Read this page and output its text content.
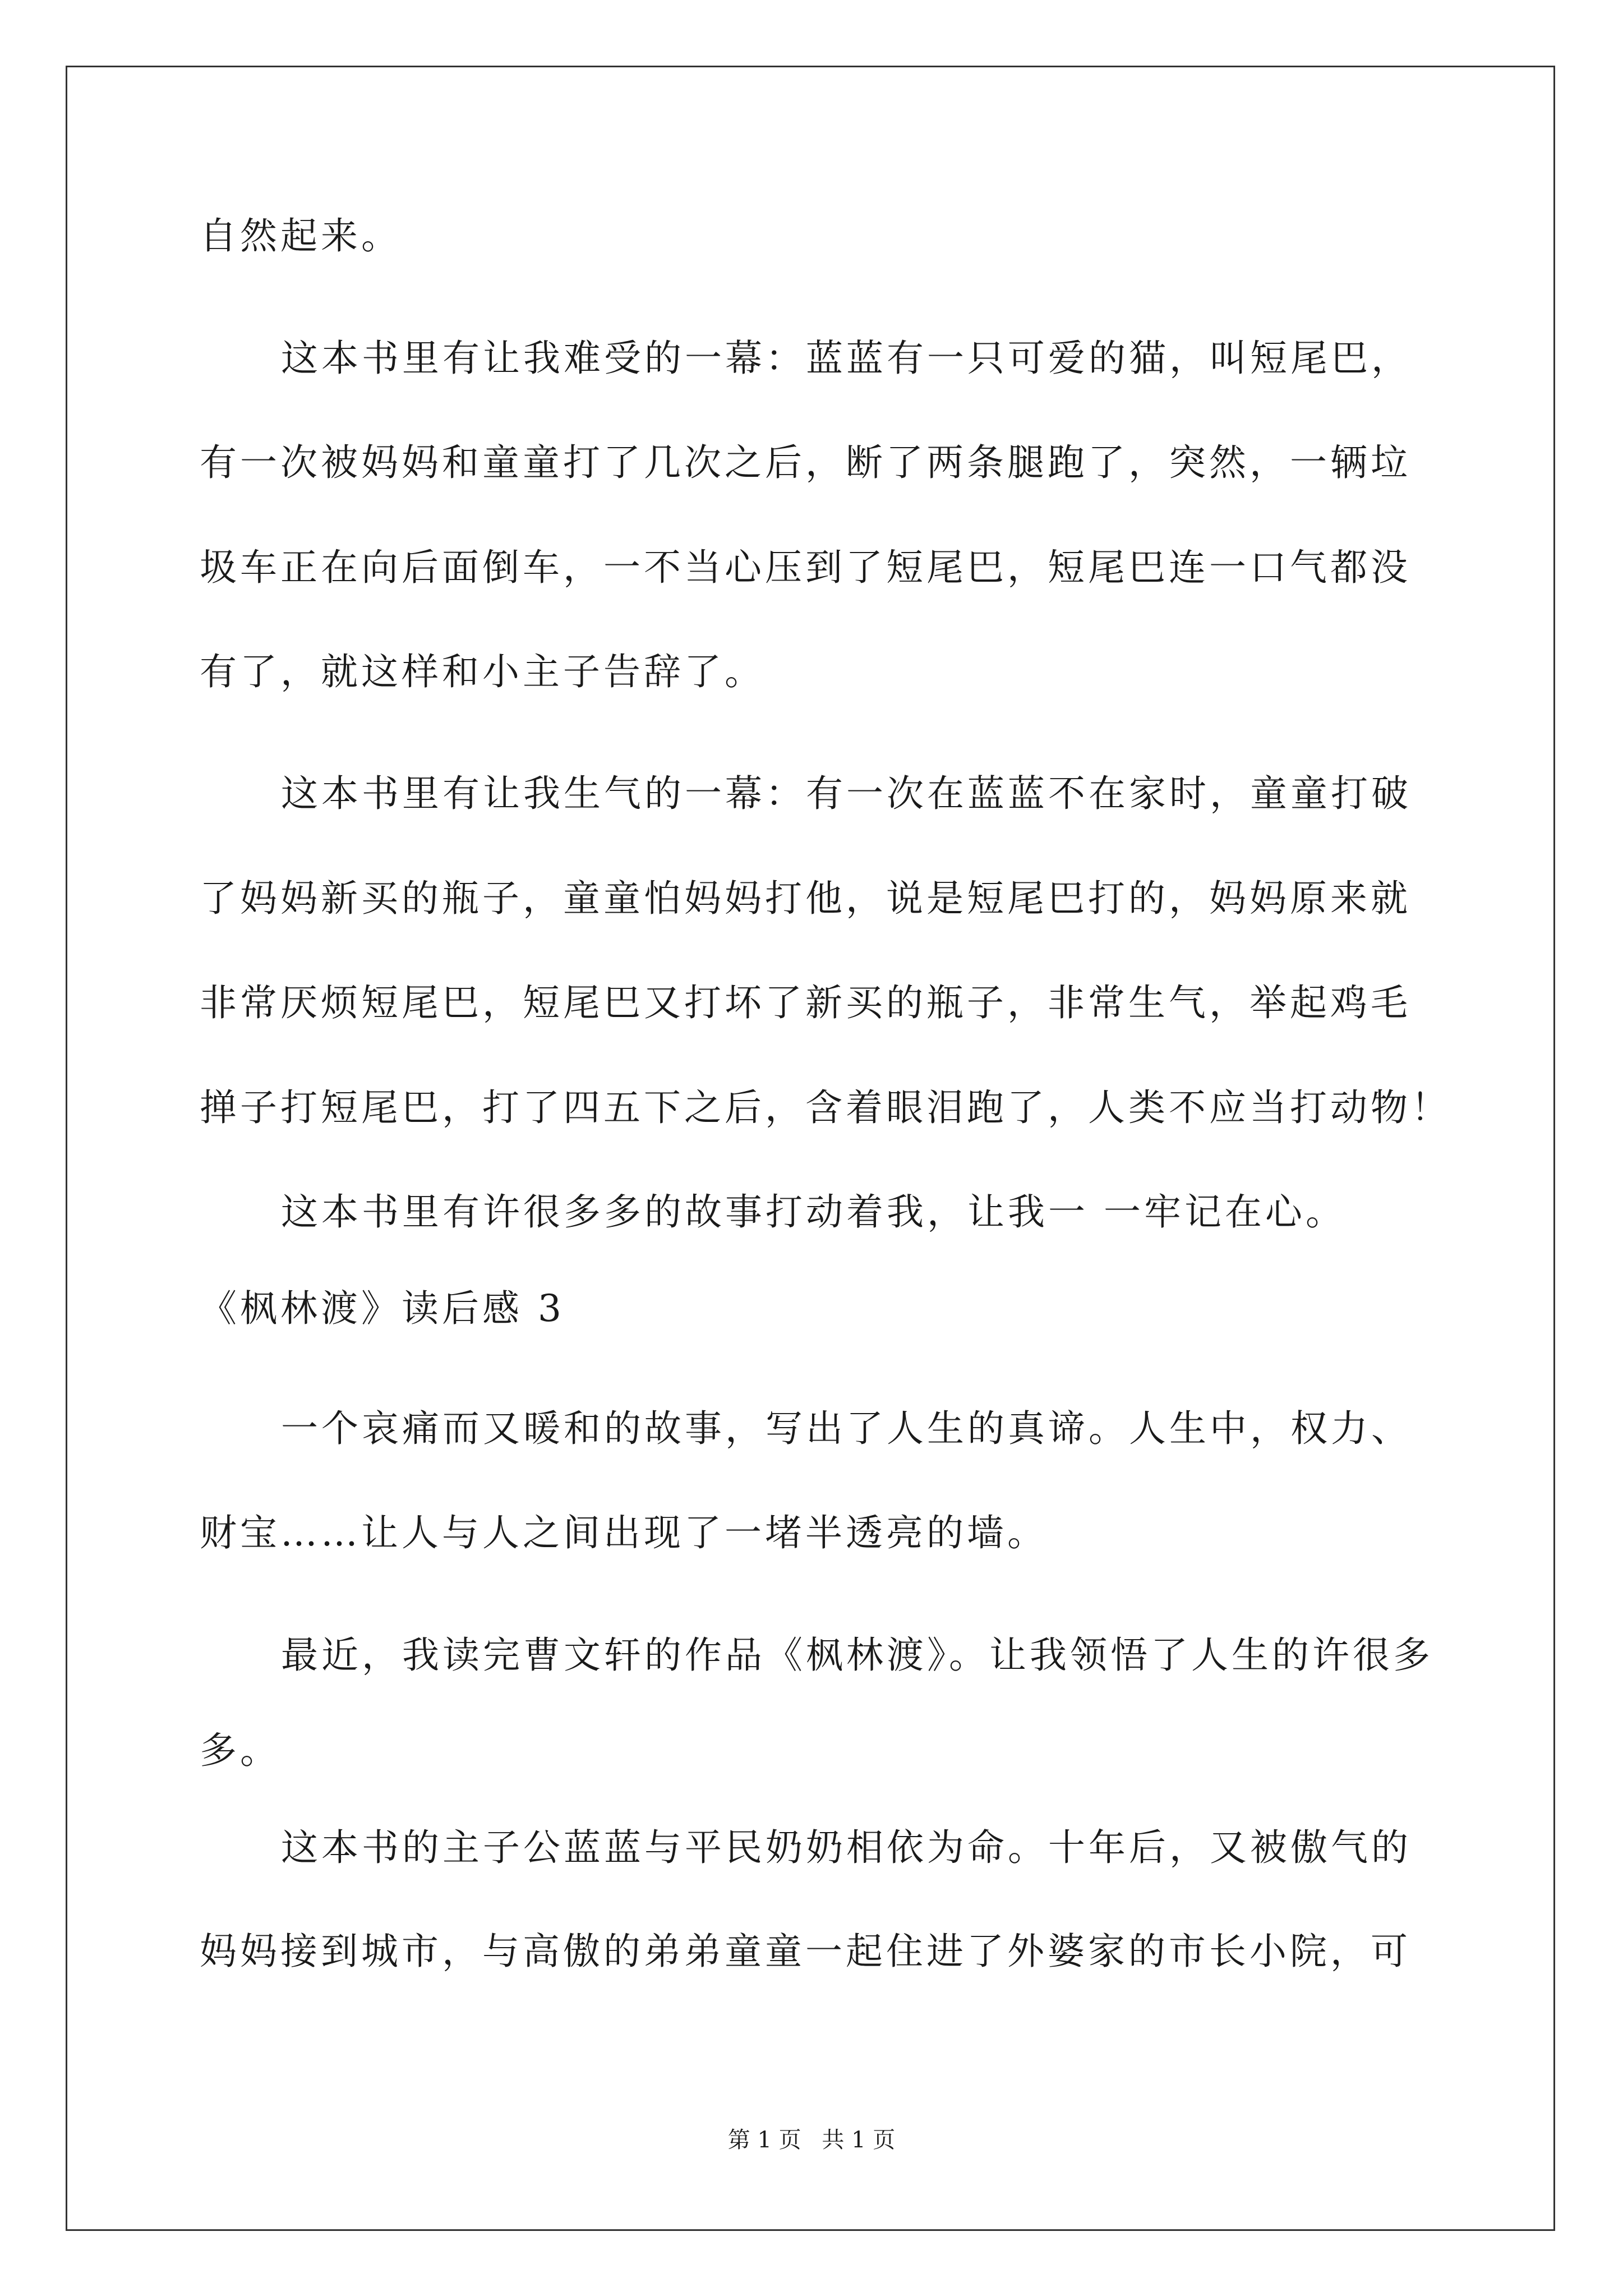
自然起来。
这本书里有让我难受的一幕：蓝蓝有一只可爱的猫，叫短尾巴，
有一次被妈妈和童童打了几次之后，断了两条腿跑了，突然，一辆垃
圾车正在向后面倒车，一不当心压到了短尾巴，短尾巴连一口气都没
有了，就这样和小主子告辞了。
这本书里有让我生气的一幕：有一次在蓝蓝不在家时，童童打破
了妈妈新买的瓶子，童童怕妈妈打他，说是短尾巴打的，妈妈原来就
非常厌烦短尾巴，短尾巴又打坏了新买的瓶子，非常生气，举起鸡毛
掸子打短尾巴，打了四五下之后，含着眼泪跑了，人类不应当打动物！
这本书里有许很多多的故事打动着我，让我一 一牢记在心。
《枫林渡》读后感 3
一个哀痛而又暖和的故事，写出了人生的真谛。人生中，权力、
财宝……让人与人之间出现了一堵半透亮的墙。
最近，我读完曹文轩的作品《枫林渡》。让我领悟了人生的许很多
多。
这本书的主子公蓝蓝与平民奶奶相依为命。十年后，又被傲气的
妈妈接到城市，与高傲的弟弟童童一起住进了外婆家的市长小院，可
第 1 页 共 1 页
